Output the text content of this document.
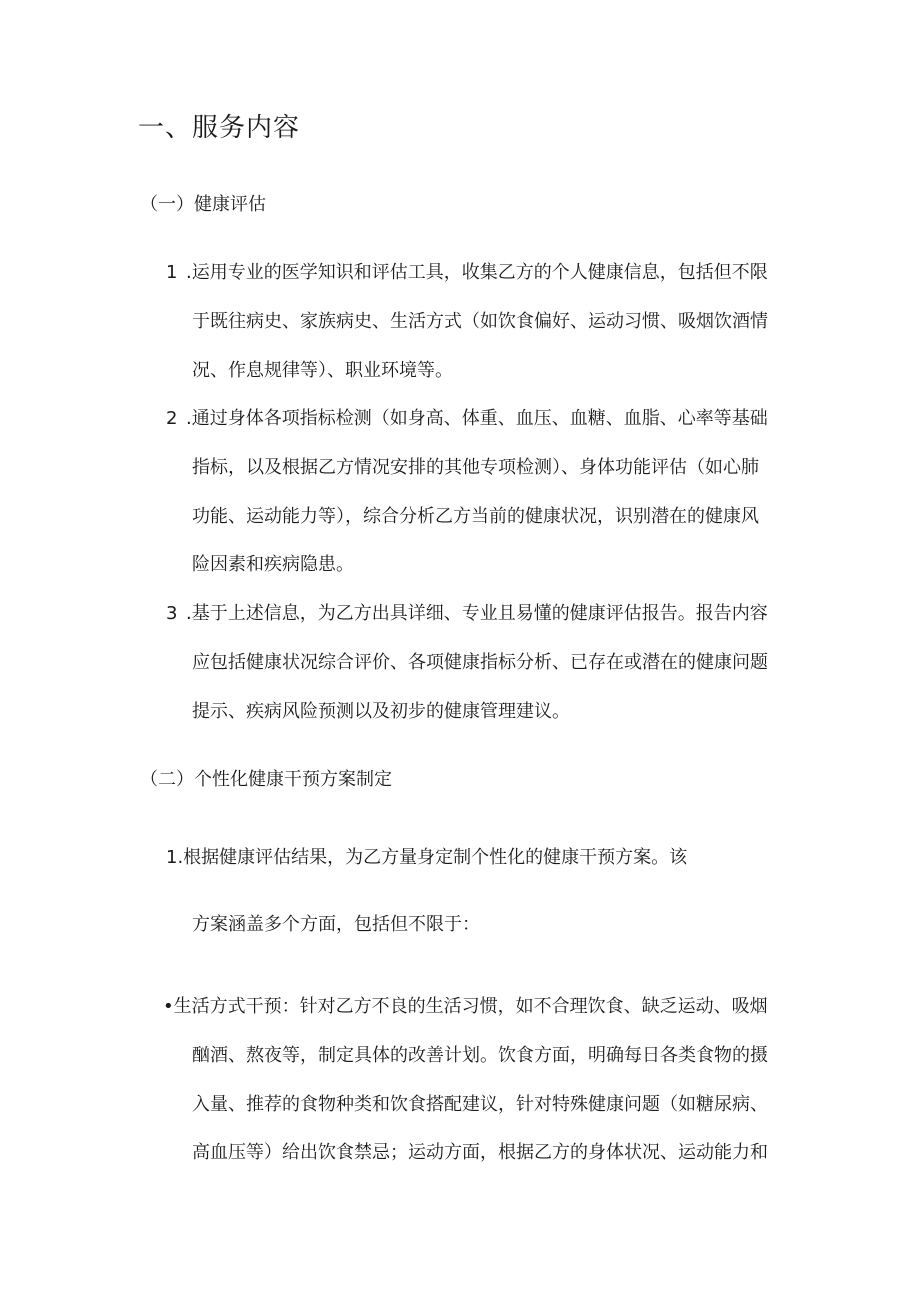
一、服务内容
（一）健康评估
1 .运用专业的医学知识和评估工具，收集乙方的个人健康信息，包括但不限
于既往病史、家族病史、生活方式（如饮食偏好、运动习惯、吸烟饮酒情
况、作息规律等）、职业环境等。
2 .通过身体各项指标检测（如身高、体重、血压、血糖、血脂、心率等基础
指标，以及根据乙方情况安排的其他专项检测）、身体功能评估（如心肺
功能、运动能力等），综合分析乙方当前的健康状况，识别潜在的健康风
险因素和疾病隐患。
3 .基于上述信息，为乙方出具详细、专业且易懂的健康评估报告。报告内容
应包括健康状况综合评价、各项健康指标分析、已存在或潜在的健康问题
提示、疾病风险预测以及初步的健康管理建议。
（二）个性化健康干预方案制定
1.根据健康评估结果，为乙方量身定制个性化的健康干预方案。该
方案涵盖多个方面，包括但不限于：
•生活方式干预：针对乙方不良的生活习惯，如不合理饮食、缺乏运动、吸烟
酗酒、熬夜等，制定具体的改善计划。饮食方面，明确每日各类食物的摄
入量、推荐的食物种类和饮食搭配建议，针对特殊健康问题（如糖尿病、
高血压等）给出饮食禁忌；运动方面，根据乙方的身体状况、运动能力和
